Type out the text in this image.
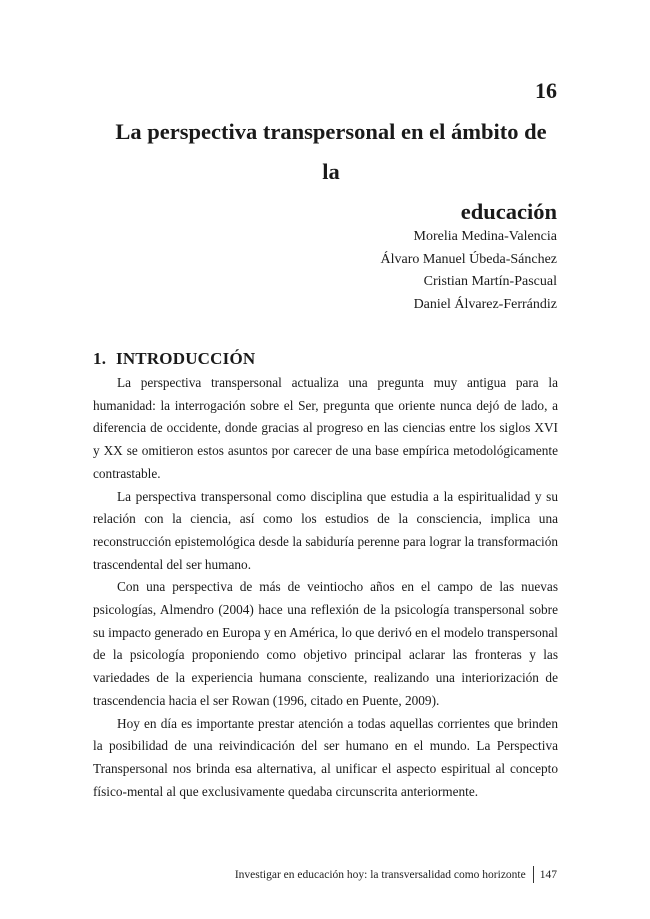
16
La perspectiva transpersonal en el ámbito de la
educación
Morelia Medina-Valencia
Álvaro Manuel Úbeda-Sánchez
Cristian Martín-Pascual
Daniel Álvarez-Ferrándiz
1. INTRODUCCIÓN

La perspectiva transpersonal actualiza una pregunta muy antigua para la humanidad: la interrogación sobre el Ser, pregunta que oriente nunca dejó de lado, a diferencia de occidente, donde gracias al progreso en las ciencias entre los siglos XVI y XX se omitieron estos asuntos por carecer de una base empírica metodológicamente contrastable.

La perspectiva transpersonal como disciplina que estudia a la espiritualidad y su relación con la ciencia, así como los estudios de la consciencia, implica una reconstrucción epistemológica desde la sabiduría perenne para lograr la transformación trascendental del ser humano.

Con una perspectiva de más de veintiocho años en el campo de las nuevas psicologías, Almendro (2004) hace una reflexión de la psicología transpersonal sobre su impacto generado en Europa y en América, lo que derivó en el modelo transpersonal de la psicología proponiendo como objetivo principal aclarar las fronteras y las variedades de la experiencia humana consciente, realizando una interiorización de trascendencia hacia el ser Rowan (1996, citado en Puente, 2009).

Hoy en día es importante prestar atención a todas aquellas corrientes que brinden la posibilidad de una reivindicación del ser humano en el mundo. La Perspectiva Transpersonal nos brinda esa alternativa, al unificar el aspecto espiritual al concepto físico-mental al que exclusivamente quedaba circunscrita anteriormente.

Investigar en educación hoy: la transversalidad como horizonte 147
